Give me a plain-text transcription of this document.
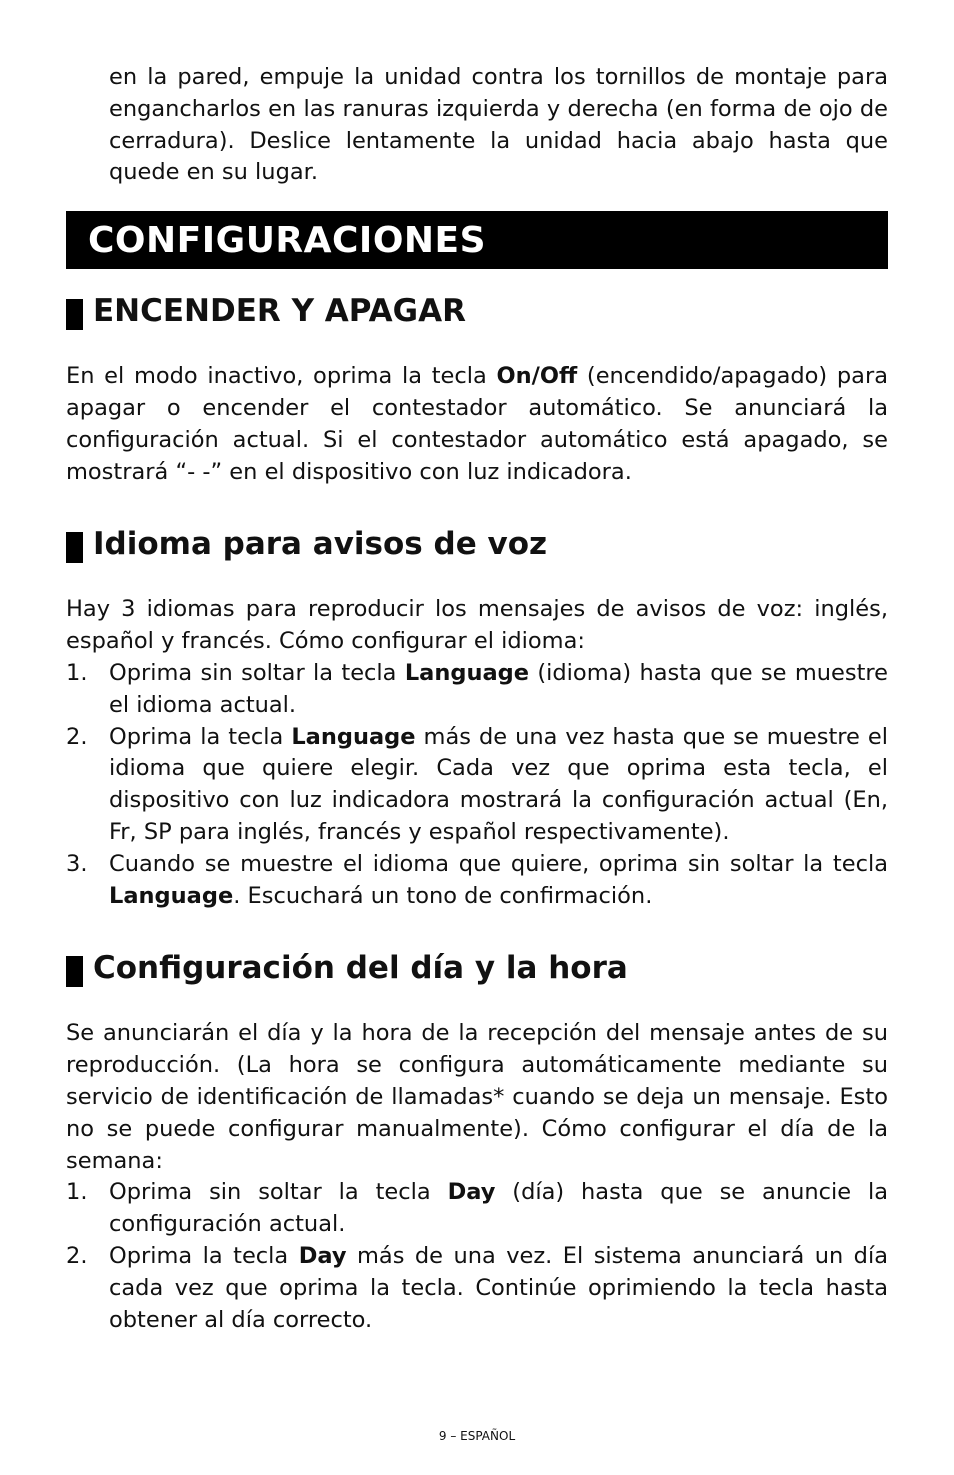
en la pared, empuje la unidad contra los tornillos de montaje para engancharlos en las ranuras izquierda y derecha (en forma de ojo de cerradura). Deslice lentamente la unidad hacia abajo hasta que quede en su lugar.

CONFIGURACIONES
ENCENDER Y APAGAR

En el modo inactivo, oprima la tecla On/Off (encendido/apagado) para apagar o encender el contestador automático. Se anunciará la configuración actual. Si el contestador automático está apagado, se mostrará “- -” en el dispositivo con luz indicadora.

Idioma para avisos de voz

Hay 3 idiomas para reproducir los mensajes de avisos de voz: inglés, español y francés. Cómo configurar el idioma:

1. Oprima sin soltar la tecla Language (idioma) hasta que se muestre el idioma actual.
2. Oprima la tecla Language más de una vez hasta que se muestre el idioma que quiere elegir. Cada vez que oprima esta tecla, el dispositivo con luz indicadora mostrará la configuración actual (En, Fr, SP para inglés, francés y español respectivamente).
3. Cuando se muestre el idioma que quiere, oprima sin soltar la tecla Language. Escuchará un tono de confirmación.
Configuración del día y la hora

Se anunciarán el día y la hora de la recepción del mensaje antes de su reproducción. (La hora se configura automáticamente mediante su servicio de identificación de llamadas* cuando se deja un mensaje. Esto no se puede configurar manualmente). Cómo configurar el día de la semana:

1. Oprima sin soltar la tecla Day (día) hasta que se anuncie la configuración actual.
2. Oprima la tecla Day más de una vez. El sistema anunciará un día cada vez que oprima la tecla. Continúe oprimiendo la tecla hasta obtener al día correcto.
9 – ESPAÑOL
